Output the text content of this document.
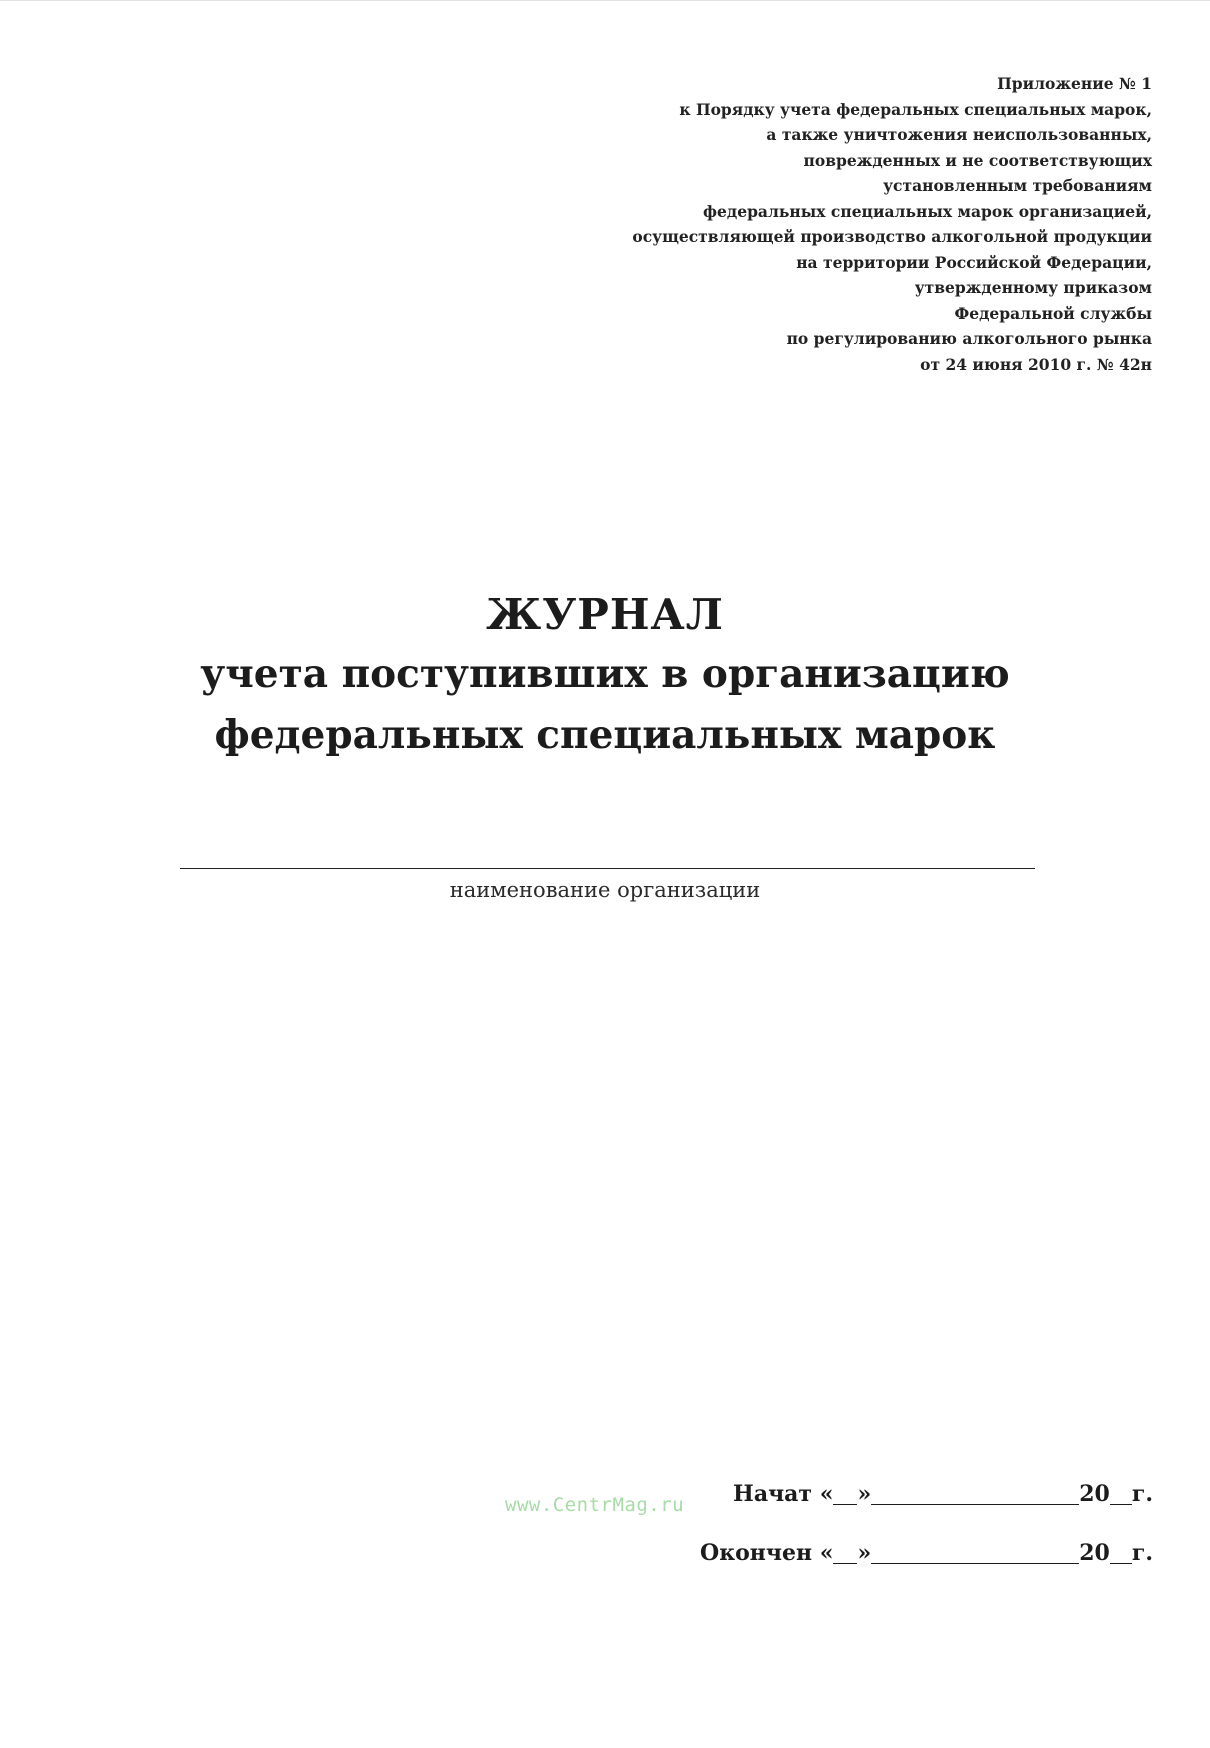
Приложение № 1
к Порядку учета федеральных специальных марок,
а также уничтожения неиспользованных,
поврежденных и не соответствующих
установленным требованиям
федеральных специальных марок организацией,
осуществляющей производство алкогольной продукции
на территории Российской Федерации,
утвержденному приказом
Федеральной службы
по регулированию алкогольного рынка
от 24 июня 2010 г. № 42н
ЖУРНАЛ
учета поступивших в организацию
федеральных специальных марок
наименование организации
www.CentrMag.ru Начат « »	20 г.
Окончен « »	20 г.
